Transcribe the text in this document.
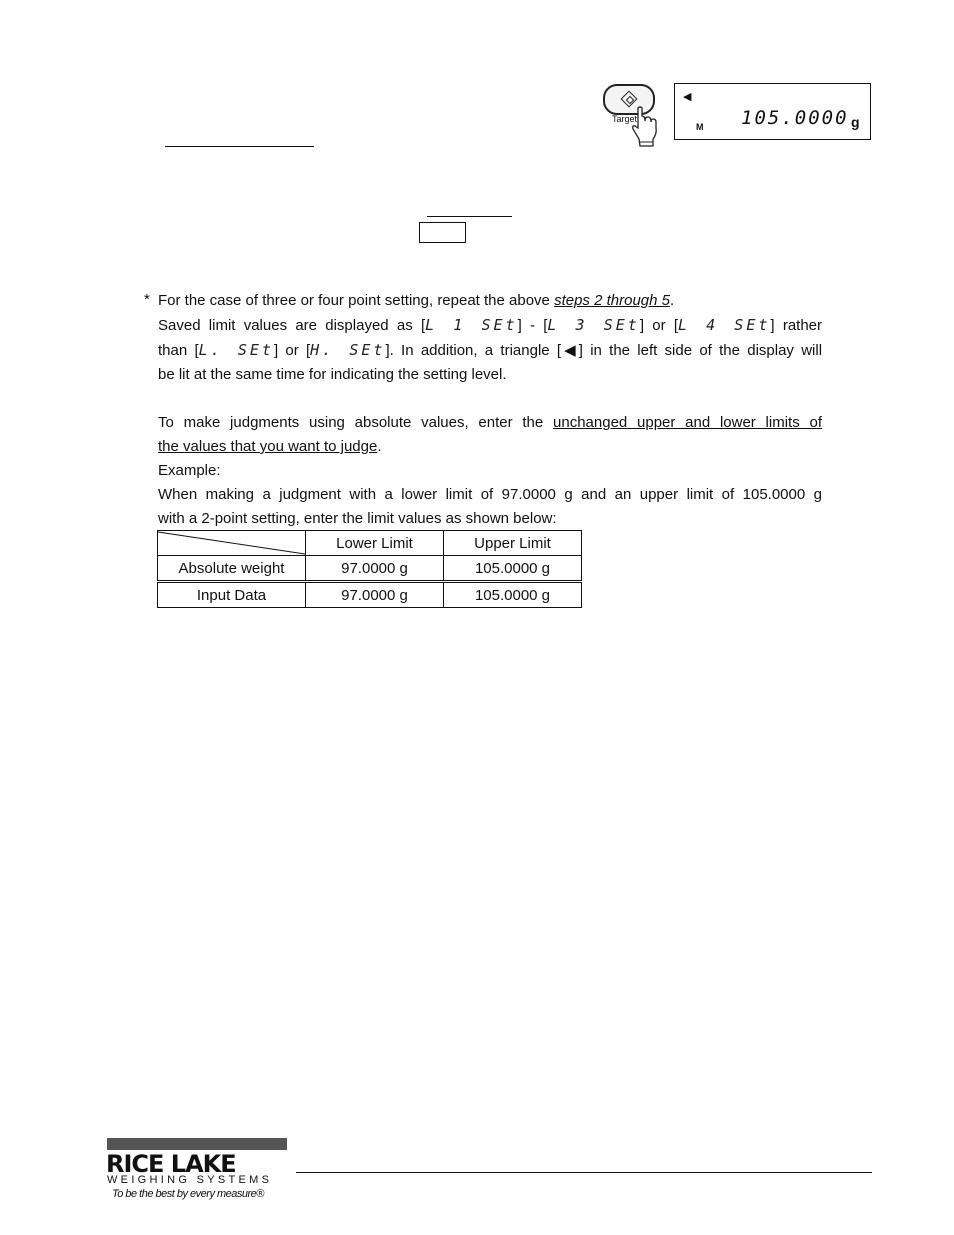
Target
◀
M 105.0000 g
* For the case of three or four point setting, repeat the above steps 2 through 5.
Saved limit values are displayed as [L 1 SEt] - [L 3 SEt] or [L 4 SEt] rather
than [L. SEt] or [H. SEt]. In addition, a triangle [◀] in the left side of the display will
be lit at the same time for indicating the setting level.
To make judgments using absolute values, enter the unchanged upper and lower limits of
the values that you want to judge.
Example:
When making a judgment with a lower limit of 97.0000 g and an upper limit of 105.0000 g
with a 2-point setting, enter the limit values as shown below:
	Lower Limit	Upper Limit
Absolute weight	97.0000 g	105.0000 g
Input Data	97.0000 g	105.0000 g
RICE LAKE
WEIGHING SYSTEMS
To be the best by every measure®
